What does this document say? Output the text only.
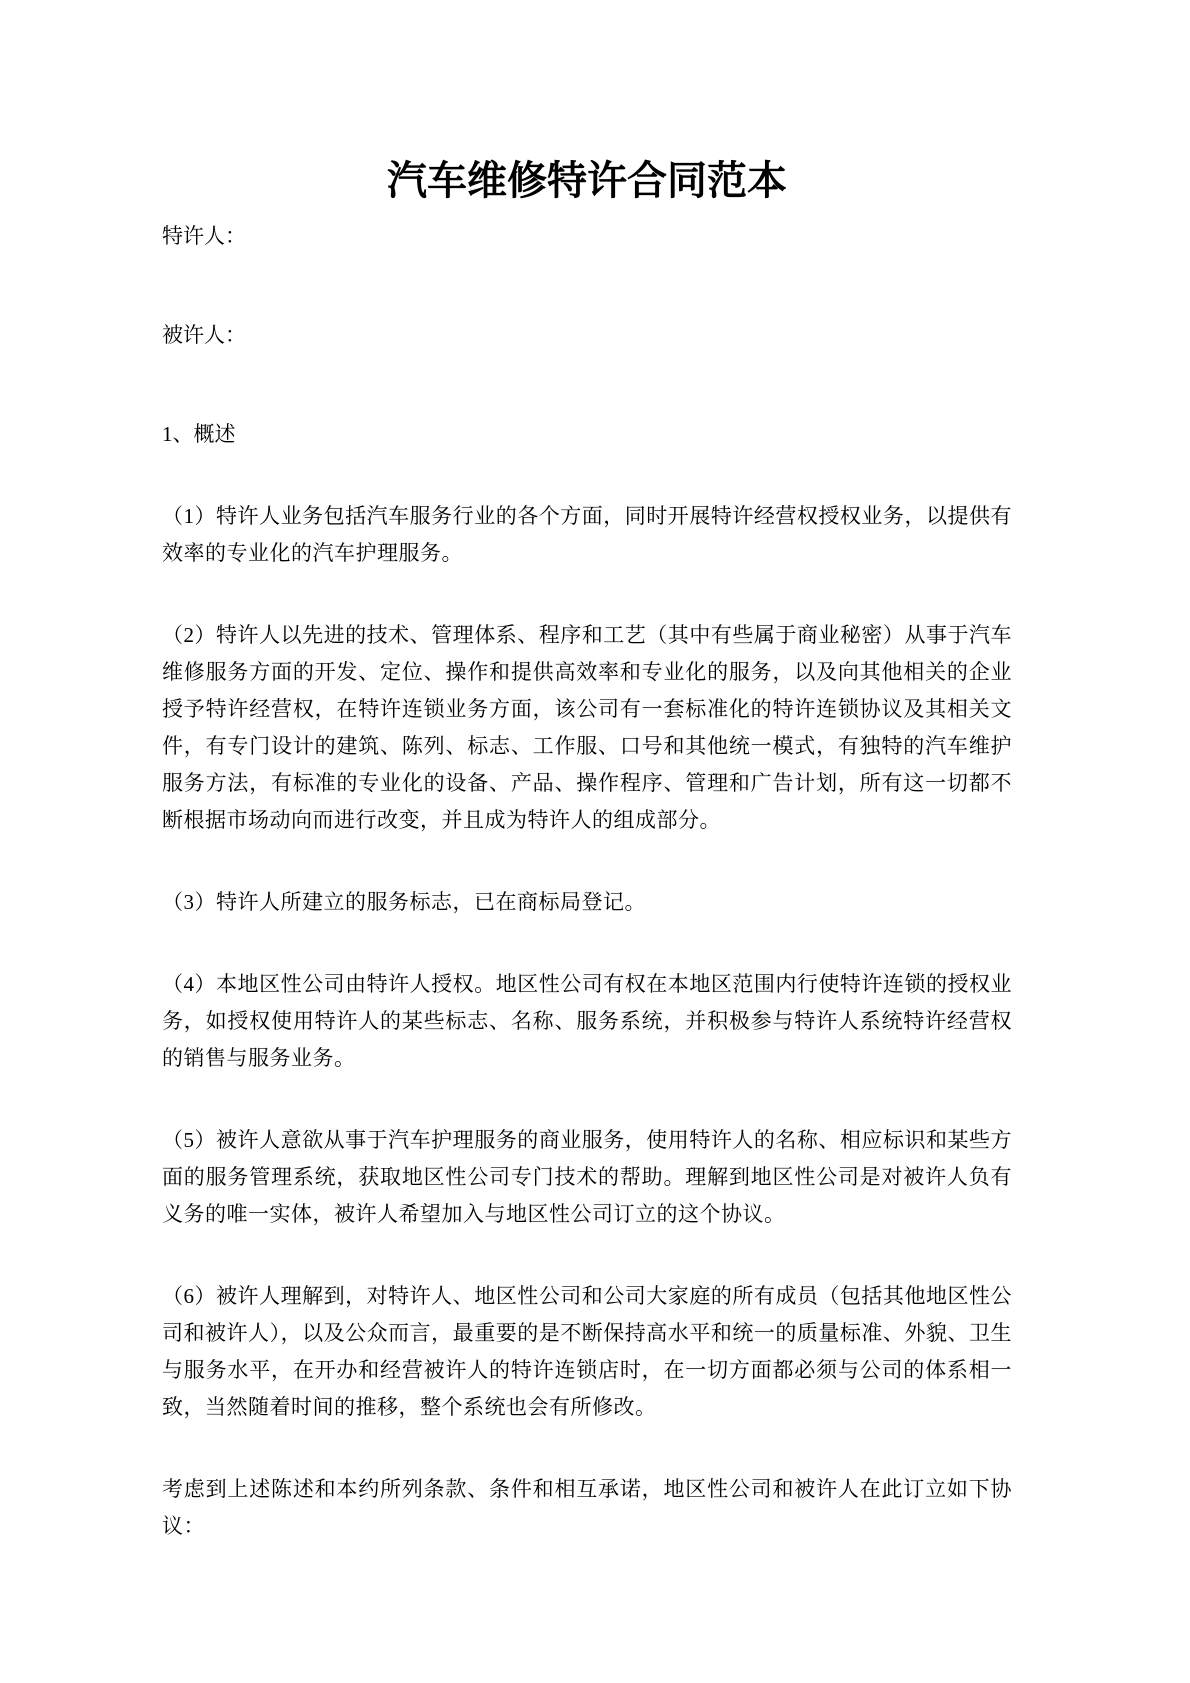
汽车维修特许合同范本

特许人：

被许人：

1、概述

（1）特许人业务包括汽车服务行业的各个方面，同时开展特许经营权授权业务，以提供有效率的专业化的汽车护理服务。

（2）特许人以先进的技术、管理体系、程序和工艺（其中有些属于商业秘密）从事于汽车维修服务方面的开发、定位、操作和提供高效率和专业化的服务，以及向其他相关的企业授予特许经营权，在特许连锁业务方面，该公司有一套标准化的特许连锁协议及其相关文件，有专门设计的建筑、陈列、标志、工作服、口号和其他统一模式，有独特的汽车维护服务方法，有标准的专业化的设备、产品、操作程序、管理和广告计划，所有这一切都不断根据市场动向而进行改变，并且成为特许人的组成部分。

（3）特许人所建立的服务标志，已在商标局登记。

（4）本地区性公司由特许人授权。地区性公司有权在本地区范围内行使特许连锁的授权业务，如授权使用特许人的某些标志、名称、服务系统，并积极参与特许人系统特许经营权的销售与服务业务。

（5）被许人意欲从事于汽车护理服务的商业服务，使用特许人的名称、相应标识和某些方面的服务管理系统，获取地区性公司专门技术的帮助。理解到地区性公司是对被许人负有义务的唯一实体，被许人希望加入与地区性公司订立的这个协议。

（6）被许人理解到，对特许人、地区性公司和公司大家庭的所有成员（包括其他地区性公司和被许人），以及公众而言，最重要的是不断保持高水平和统一的质量标准、外貌、卫生与服务水平，在开办和经营被许人的特许连锁店时，在一切方面都必须与公司的体系相一致，当然随着时间的推移，整个系统也会有所修改。

考虑到上述陈述和本约所列条款、条件和相互承诺，地区性公司和被许人在此订立如下协议：
